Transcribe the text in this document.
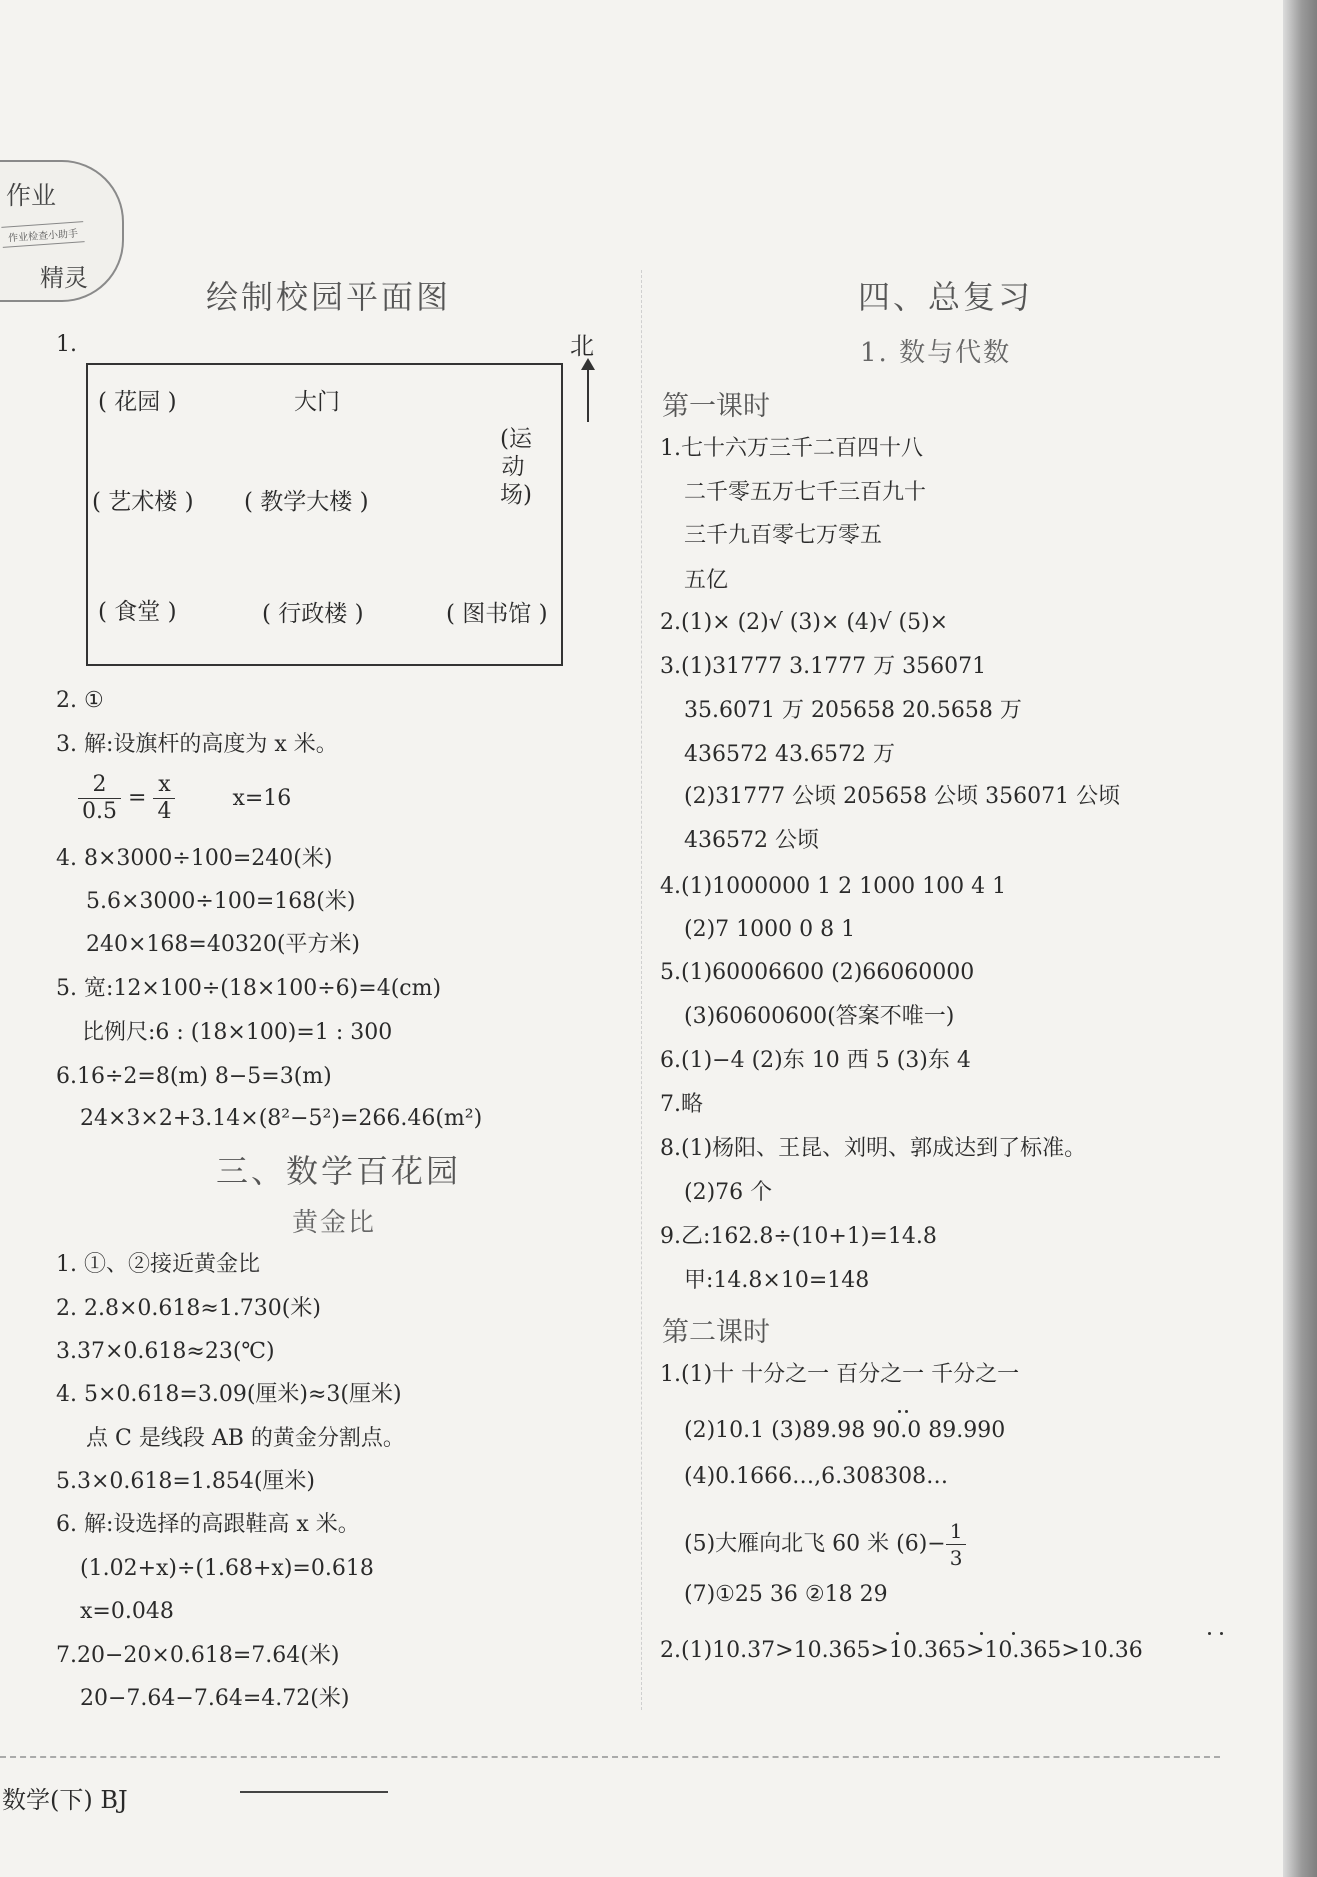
作业
作业检查小助手
精灵	绘制校园平面图
1.	北
( 花园 )	大门
(运动场)
( 艺术楼 ) ( 教学大楼 )
( 食堂 )	( 行政楼 )	( 图书馆 )
2. ①
3. 解:设旗杆的高度为 x 米。
$\frac{2}{0.5} = \frac{x}{4}$	x=16
4. 8×3000÷100=240(米)
5.6×3000÷100=168(米)
240×168=40320(平方米)
5. 宽:12×100÷(18×100÷6)=4(cm)
比例尺:6 : (18×100)=1 : 300
6.16÷2=8(m) 8−5=3(m)
24×3×2+3.14×(8²−5²)=266.46(m²)
三、数学百花园
黄金比
1. ①、②接近黄金比
2. 2.8×0.618≈1.730(米)
3.37×0.618≈23(℃)
4. 5×0.618=3.09(厘米)≈3(厘米)
点 C 是线段 AB 的黄金分割点。
5.3×0.618=1.854(厘米)
6. 解:设选择的高跟鞋高 x 米。
(1.02+x)÷(1.68+x)=0.618
x=0.048
7.20−20×0.618=7.64(米)
20−7.64−7.64=4.72(米)
四、总复习
1. 数与代数
第一课时
1.七十六万三千二百四十八
二千零五万七千三百九十
三千九百零七万零五
五亿
2.(1)× (2)√ (3)× (4)√ (5)×
3.(1)31777 3.1777 万 356071
35.6071 万 205658 20.5658 万
436572 43.6572 万
(2)31777 公顷 205658 公顷 356071 公顷
436572 公顷
4.(1)1000000 1 2 1000 100 4 1
(2)7 1000 0 8 1
5.(1)60006600 (2)66060000
(3)60600600(答案不唯一)
6.(1)−4 (2)东 10 西 5 (3)东 4
7.略
8.(1)杨阳、王昆、刘明、郭成达到了标准。
(2)76 个
9.乙:162.8÷(10+1)=14.8
甲:14.8×10=148
第二课时
1.(1)十 十分之一 百分之一 千分之一
(2)10.1 (3)89.98 90.0 89.990
(4)0.1666…,6.308308…
(5)大雁向北飞 60 米 $(6)- \frac{1}{3}$
(7)①25 36 ②18 29
2.(1)10.37>10.365>10.365>10.365>10.36
数学(下) BJ
